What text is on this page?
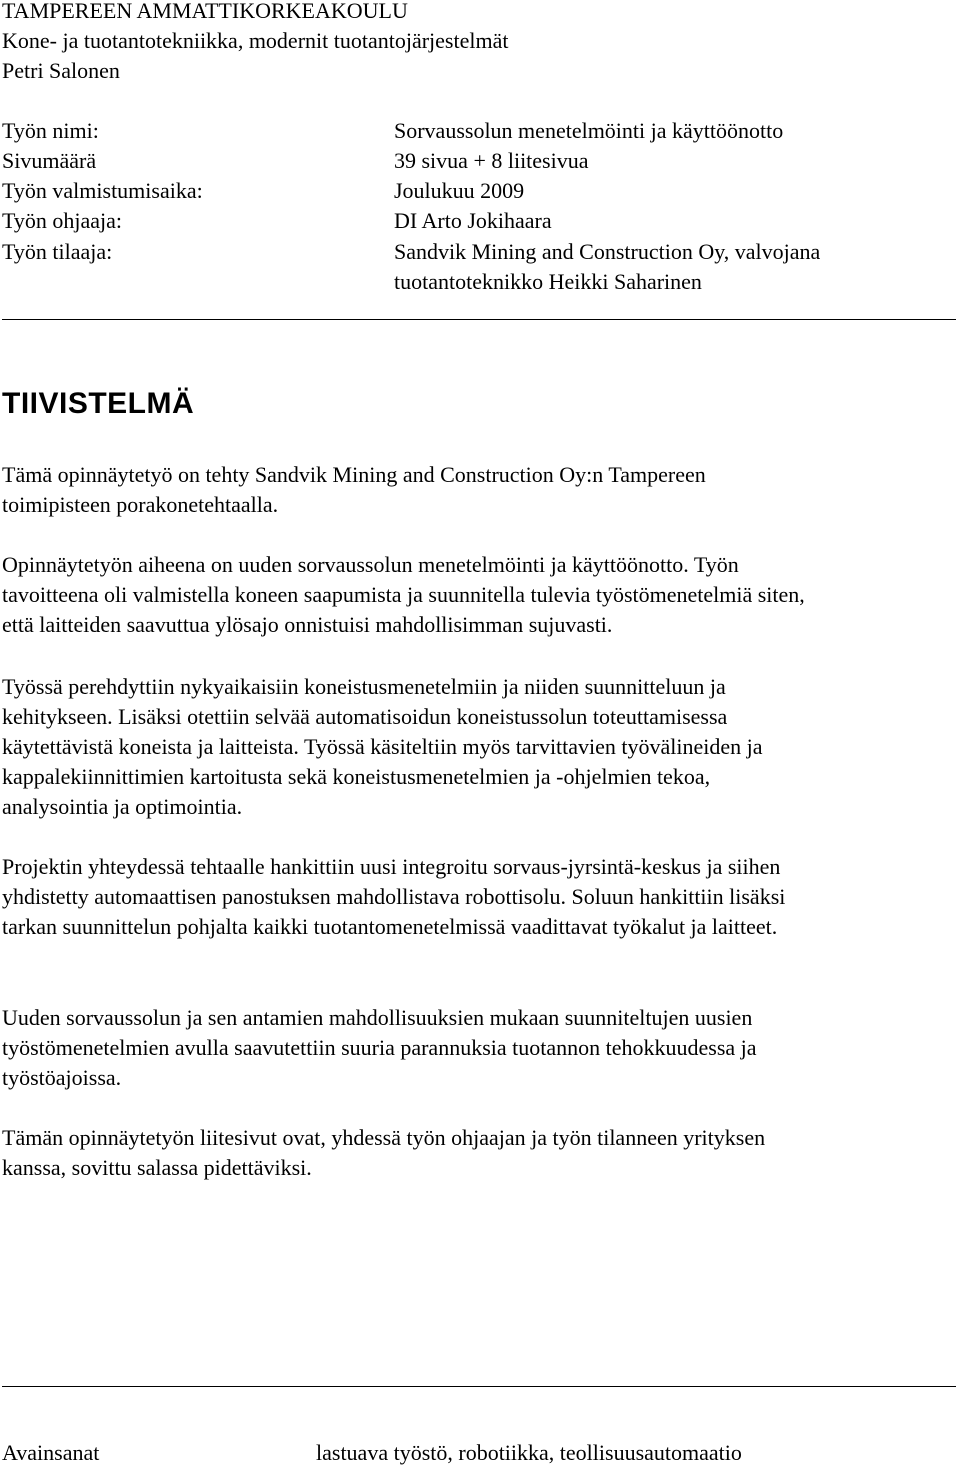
TAMPEREEN AMMATTIKORKEAKOULU
Kone- ja tuotantotekniikka, modernit tuotantojärjestelmät
Petri Salonen
Työn nimi:	Sorvaussolun menetelmöinti ja käyttöönotto
Sivumäärä	39 sivua + 8 liitesivua
Työn valmistumisaika:	Joulukuu 2009
Työn ohjaaja:	DI Arto Jokihaara
Työn tilaaja:	Sandvik Mining and Construction Oy, valvojana
tuotantoteknikko Heikki Saharinen
TIIVISTELMÄ
Tämä opinnäytetyö on tehty Sandvik Mining and Construction Oy:n Tampereen
toimipisteen porakonetehtaalla.
Opinnäytetyön aiheena on uuden sorvaussolun menetelmöinti ja käyttöönotto. Työn
tavoitteena oli valmistella koneen saapumista ja suunnitella tulevia työstömenetelmiä siten,
että laitteiden saavuttua ylösajo onnistuisi mahdollisimman sujuvasti.
Työssä perehdyttiin nykyaikaisiin koneistusmenetelmiin ja niiden suunnitteluun ja
kehitykseen. Lisäksi otettiin selvää automatisoidun koneistussolun toteuttamisessa
käytettävistä koneista ja laitteista. Työssä käsiteltiin myös tarvittavien työvälineiden ja
kappalekiinnittimien kartoitusta sekä koneistusmenetelmien ja -ohjelmien tekoa,
analysointia ja optimointia.
Projektin yhteydessä tehtaalle hankittiin uusi integroitu sorvaus-jyrsintä-keskus ja siihen
yhdistetty automaattisen panostuksen mahdollistava robottisolu. Soluun hankittiin lisäksi
tarkan suunnittelun pohjalta kaikki tuotantomenetelmissä vaadittavat työkalut ja laitteet.
Uuden sorvaussolun ja sen antamien mahdollisuuksien mukaan suunniteltujen uusien
työstömenetelmien avulla saavutettiin suuria parannuksia tuotannon tehokkuudessa ja
työstöajoissa.
Tämän opinnäytetyön liitesivut ovat, yhdessä työn ohjaajan ja työn tilanneen yrityksen
kanssa, sovittu salassa pidettäviksi.
Avainsanat	lastuava työstö, robotiikka, teollisuusautomaatio
